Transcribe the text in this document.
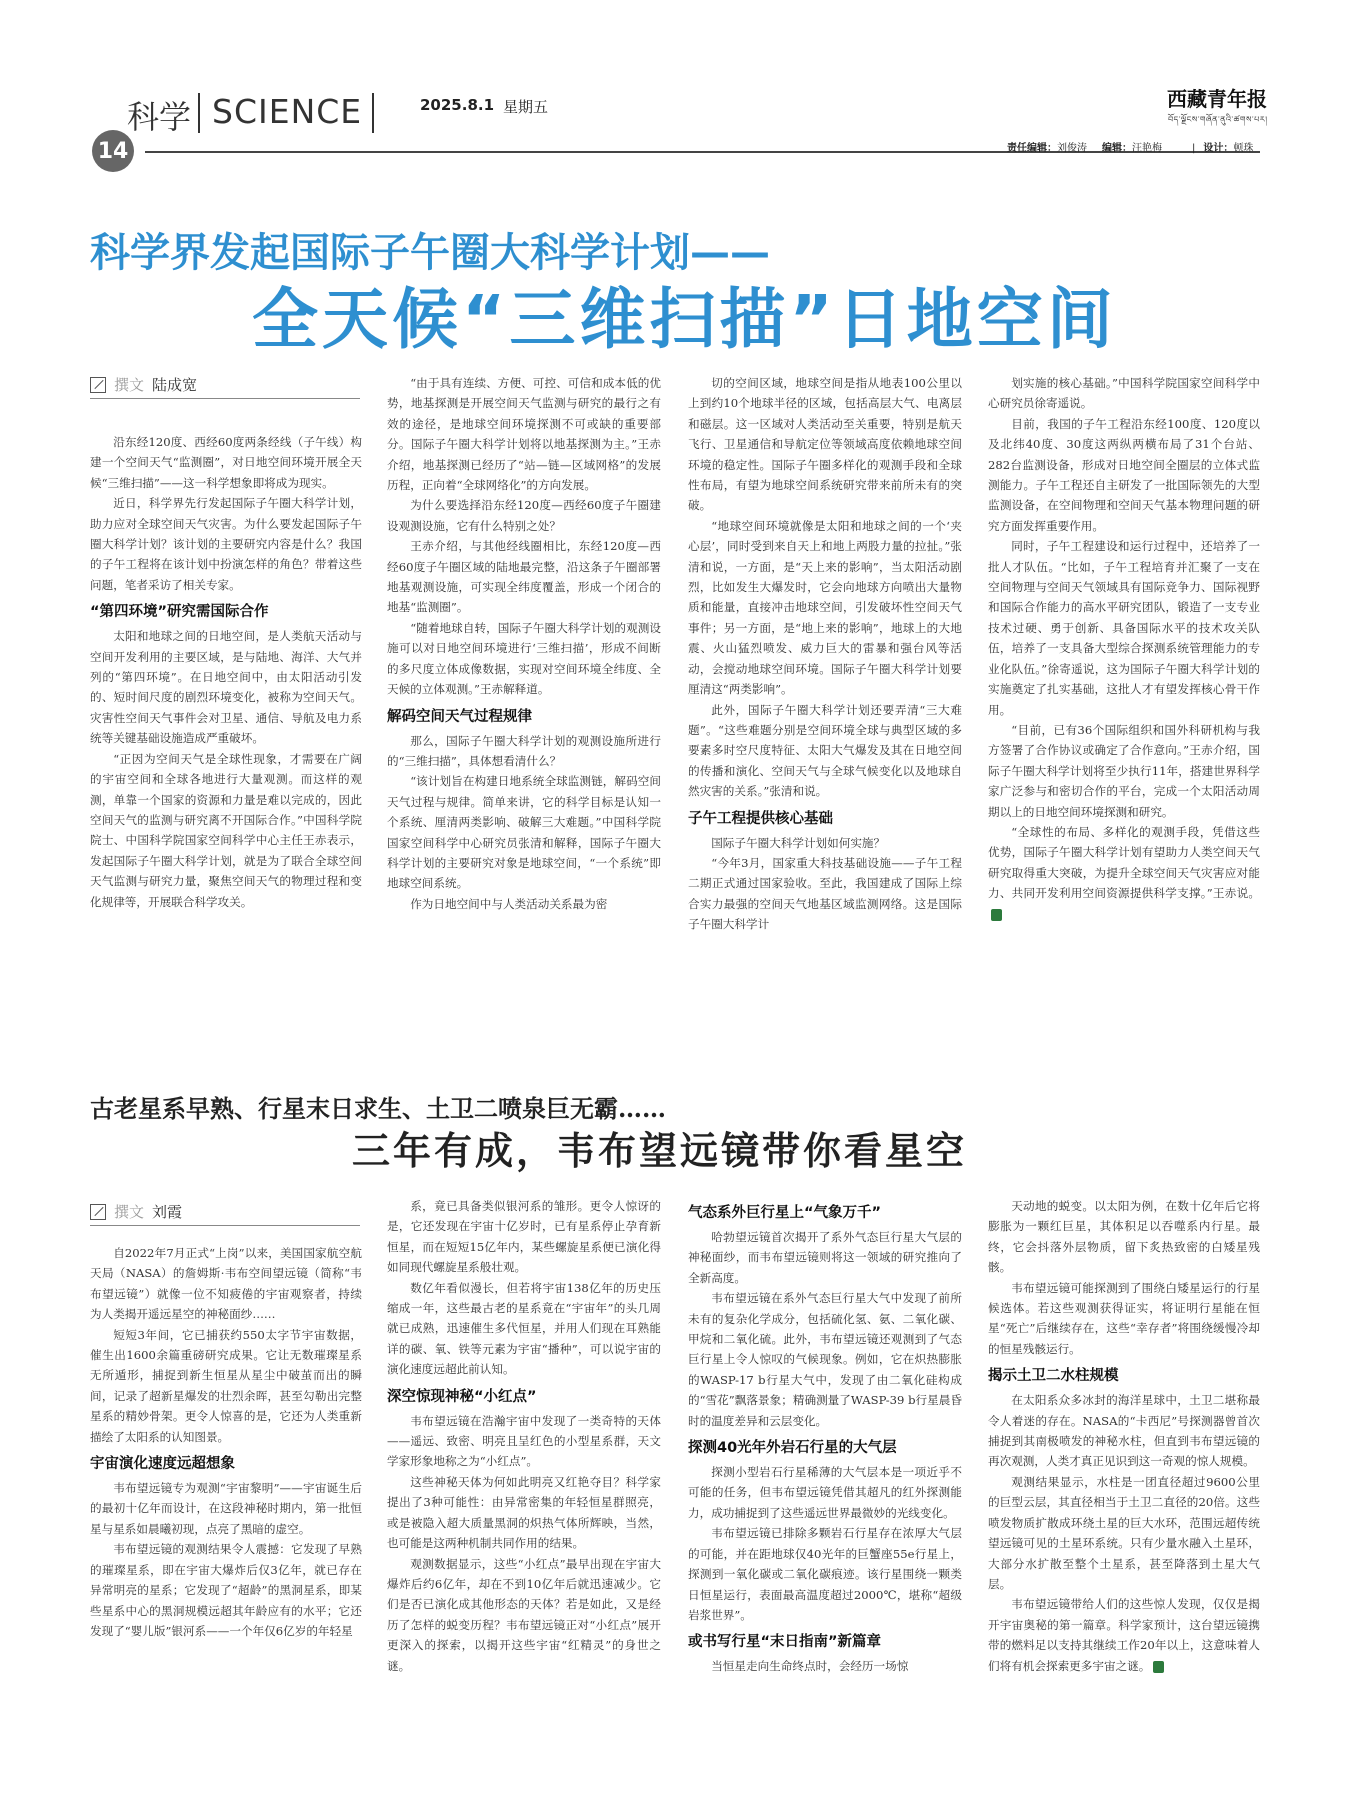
科学 SCIENCE
14
2025.8.1 星期五	西藏青年报
བོད་ལྗོངས་གཞོན་ནུའི་ཚགས་པར།
责任编辑：刘俊涛 编辑：汪艳梅	| 设计：顿珠
科学界发起国际子午圈大科学计划——
全天候“三维扫描”日地空间
撰文 陆成宽

沿东经120度、西经60度两条经线（子午线）构建一个空间天气“监测圈”，对日地空间环境开展全天候“三维扫描”——这一科学想象即将成为现实。

近日，科学界先行发起国际子午圈大科学计划，助力应对全球空间天气灾害。为什么要发起国际子午圈大科学计划？该计划的主要研究内容是什么？我国的子午工程将在该计划中扮演怎样的角色？带着这些问题，笔者采访了相关专家。

“第四环境”研究需国际合作

太阳和地球之间的日地空间，是人类航天活动与空间开发利用的主要区域，是与陆地、海洋、大气并列的“第四环境”。在日地空间中，由太阳活动引发的、短时间尺度的剧烈环境变化，被称为空间天气。灾害性空间天气事件会对卫星、通信、导航及电力系统等关键基础设施造成严重破坏。

“正因为空间天气是全球性现象，才需要在广阔的宇宙空间和全球各地进行大量观测。而这样的观测，单靠一个国家的资源和力量是难以完成的，因此空间天气的监测与研究离不开国际合作。”中国科学院院士、中国科学院国家空间科学中心主任王赤表示，发起国际子午圈大科学计划，就是为了联合全球空间天气监测与研究力量，聚焦空间天气的物理过程和变化规律等，开展联合科学攻关。

“由于具有连续、方便、可控、可信和成本低的优势，地基探测是开展空间天气监测与研究的最行之有效的途径，是地球空间环境探测不可或缺的重要部分。国际子午圈大科学计划将以地基探测为主。”王赤介绍，地基探测已经历了“站—链—区域网格”的发展历程，正向着“全球网络化”的方向发展。

为什么要选择沿东经120度—西经60度子午圈建设观测设施，它有什么特别之处？

王赤介绍，与其他经线圈相比，东经120度—西经60度子午圈区域的陆地最完整，沿这条子午圈部署地基观测设施，可实现全纬度覆盖，形成一个闭合的地基“监测圈”。

“随着地球自转，国际子午圈大科学计划的观测设施可以对日地空间环境进行‘三维扫描’，形成不间断的多尺度立体成像数据，实现对空间环境全纬度、全天候的立体观测。”王赤解释道。

解码空间天气过程规律

那么，国际子午圈大科学计划的观测设施所进行的“三维扫描”，具体想看清什么？

“该计划旨在构建日地系统全球监测链，解码空间天气过程与规律。简单来讲，它的科学目标是认知一个系统、厘清两类影响、破解三大难题。”中国科学院国家空间科学中心研究员张清和解释，国际子午圈大科学计划的主要研究对象是地球空间，“一个系统”即地球空间系统。

作为日地空间中与人类活动关系最为密

切的空间区域，地球空间是指从地表100公里以上到约10个地球半径的区域，包括高层大气、电离层和磁层。这一区域对人类活动至关重要，特别是航天飞行、卫星通信和导航定位等领域高度依赖地球空间环境的稳定性。国际子午圈多样化的观测手段和全球性布局，有望为地球空间系统研究带来前所未有的突破。

“地球空间环境就像是太阳和地球之间的一个‘夹心层’，同时受到来自天上和地上两股力量的拉扯。”张清和说，一方面，是“天上来的影响”，当太阳活动剧烈，比如发生大爆发时，它会向地球方向喷出大量物质和能量，直接冲击地球空间，引发破坏性空间天气事件；另一方面，是“地上来的影响”，地球上的大地震、火山猛烈喷发、威力巨大的雷暴和强台风等活动，会搅动地球空间环境。国际子午圈大科学计划要厘清这“两类影响”。

此外，国际子午圈大科学计划还要弄清“三大难题”。“这些难题分别是空间环境全球与典型区域的多要素多时空尺度特征、太阳大气爆发及其在日地空间的传播和演化、空间天气与全球气候变化以及地球自然灾害的关系。”张清和说。

子午工程提供核心基础

国际子午圈大科学计划如何实施？

“今年3月，国家重大科技基础设施——子午工程二期正式通过国家验收。至此，我国建成了国际上综合实力最强的空间天气地基区域监测网络。这是国际子午圈大科学计

划实施的核心基础。”中国科学院国家空间科学中心研究员徐寄遥说。

目前，我国的子午工程沿东经100度、120度以及北纬40度、30度这两纵两横布局了31个台站、282台监测设备，形成对日地空间全圈层的立体式监测能力。子午工程还自主研发了一批国际领先的大型监测设备，在空间物理和空间天气基本物理问题的研究方面发挥重要作用。

同时，子午工程建设和运行过程中，还培养了一批人才队伍。“比如，子午工程培育并汇聚了一支在空间物理与空间天气领域具有国际竞争力、国际视野和国际合作能力的高水平研究团队，锻造了一支专业技术过硬、勇于创新、具备国际水平的技术攻关队伍，培养了一支具备大型综合探测系统管理能力的专业化队伍。”徐寄遥说，这为国际子午圈大科学计划的实施奠定了扎实基础，这批人才有望发挥核心骨干作用。

“目前，已有36个国际组织和国外科研机构与我方签署了合作协议或确定了合作意向。”王赤介绍，国际子午圈大科学计划将至少执行11年，搭建世界科学家广泛参与和密切合作的平台，完成一个太阳活动周期以上的日地空间环境探测和研究。

“全球性的布局、多样化的观测手段，凭借这些优势，国际子午圈大科学计划有望助力人类空间天气研究取得重大突破，为提升全球空间天气灾害应对能力、共同开发利用空间资源提供科学支撑。”王赤说。

古老星系早熟、行星末日求生、土卫二喷泉巨无霸……
三年有成，韦布望远镜带你看星空
撰文 刘霞

自2022年7月正式“上岗”以来，美国国家航空航天局（NASA）的詹姆斯·韦布空间望远镜（简称“韦布望远镜”）就像一位不知疲倦的宇宙观察者，持续为人类揭开遥远星空的神秘面纱……

短短3年间，它已捕获约550太字节宇宙数据，催生出1600余篇重磅研究成果。它让无数璀璨星系无所遁形，捕捉到新生恒星从星尘中破茧而出的瞬间，记录了超新星爆发的壮烈余晖，甚至勾勒出完整星系的精妙骨架。更令人惊喜的是，它还为人类重新描绘了太阳系的认知图景。

宇宙演化速度远超想象

韦布望远镜专为观测“宇宙黎明”——宇宙诞生后的最初十亿年而设计，在这段神秘时期内，第一批恒星与星系如晨曦初现，点亮了黑暗的虚空。

韦布望远镜的观测结果令人震撼：它发现了早熟的璀璨星系，即在宇宙大爆炸后仅3亿年，就已存在异常明亮的星系；它发现了“超龄”的黑洞星系，即某些星系中心的黑洞规模远超其年龄应有的水平；它还发现了“婴儿版”银河系——一个年仅6亿岁的年轻星

系，竟已具备类似银河系的雏形。更令人惊讶的是，它还发现在宇宙十亿岁时，已有星系停止孕育新恒星，而在短短15亿年内，某些螺旋星系便已演化得如同现代螺旋星系般壮观。

数亿年看似漫长，但若将宇宙138亿年的历史压缩成一年，这些最古老的星系竟在“宇宙年”的头几周就已成熟，迅速催生多代恒星，并用人们现在耳熟能详的碳、氧、铁等元素为宇宙“播种”，可以说宇宙的演化速度远超此前认知。

深空惊现神秘“小红点”

韦布望远镜在浩瀚宇宙中发现了一类奇特的天体——遥远、致密、明亮且呈红色的小型星系群，天文学家形象地称之为“小红点”。

这些神秘天体为何如此明亮又红艳夺目？科学家提出了3种可能性：由异常密集的年轻恒星群照亮，或是被隐入超大质量黑洞的炽热气体所辉映，当然，也可能是这两种机制共同作用的结果。

观测数据显示，这些“小红点”最早出现在宇宙大爆炸后约6亿年，却在不到10亿年后就迅速减少。它们是否已演化成其他形态的天体？若是如此，又是经历了怎样的蜕变历程？韦布望远镜正对“小红点”展开更深入的探索，以揭开这些宇宙“红精灵”的身世之谜。

气态系外巨行星上“气象万千”

哈勃望远镜首次揭开了系外气态巨行星大气层的神秘面纱，而韦布望远镜则将这一领域的研究推向了全新高度。

韦布望远镜在系外气态巨行星大气中发现了前所未有的复杂化学成分，包括硫化氢、氨、二氧化碳、甲烷和二氧化硫。此外，韦布望远镜还观测到了气态巨行星上令人惊叹的气候现象。例如，它在炽热膨胀的WASP-17 b行星大气中，发现了由二氧化硅构成的“雪花”飘落景象；精确测量了WASP-39 b行星晨昏时的温度差异和云层变化。

探测40光年外岩石行星的大气层

探测小型岩石行星稀薄的大气层本是一项近乎不可能的任务，但韦布望远镜凭借其超凡的红外探测能力，成功捕捉到了这些遥远世界最微妙的光线变化。

韦布望远镜已排除多颗岩石行星存在浓厚大气层的可能，并在距地球仅40光年的巨蟹座55e行星上，探测到一氧化碳或二氧化碳痕迹。该行星围绕一颗类日恒星运行，表面最高温度超过2000℃，堪称“超级岩浆世界”。

或书写行星“末日指南”新篇章

当恒星走向生命终点时，会经历一场惊

天动地的蜕变。以太阳为例，在数十亿年后它将膨胀为一颗红巨星，其体积足以吞噬系内行星。最终，它会抖落外层物质，留下炙热致密的白矮星残骸。

韦布望远镜可能探测到了围绕白矮星运行的行星候选体。若这些观测获得证实，将证明行星能在恒星“死亡”后继续存在，这些“幸存者”将围绕缓慢冷却的恒星残骸运行。

揭示土卫二水柱规模

在太阳系众多冰封的海洋星球中，土卫二堪称最令人着迷的存在。NASA的“卡西尼”号探测器曾首次捕捉到其南极喷发的神秘水柱，但直到韦布望远镜的再次观测，人类才真正见识到这一奇观的惊人规模。

观测结果显示，水柱是一团直径超过9600公里的巨型云层，其直径相当于土卫二直径的20倍。这些喷发物质扩散成环绕土星的巨大水环，范围远超传统望远镜可见的土星环系统。只有少量水融入土星环，大部分水扩散至整个土星系，甚至降落到土星大气层。

韦布望远镜带给人们的这些惊人发现，仅仅是揭开宇宙奥秘的第一篇章。科学家预计，这台望远镜携带的燃料足以支持其继续工作20年以上，这意味着人们将有机会探索更多宇宙之谜。
